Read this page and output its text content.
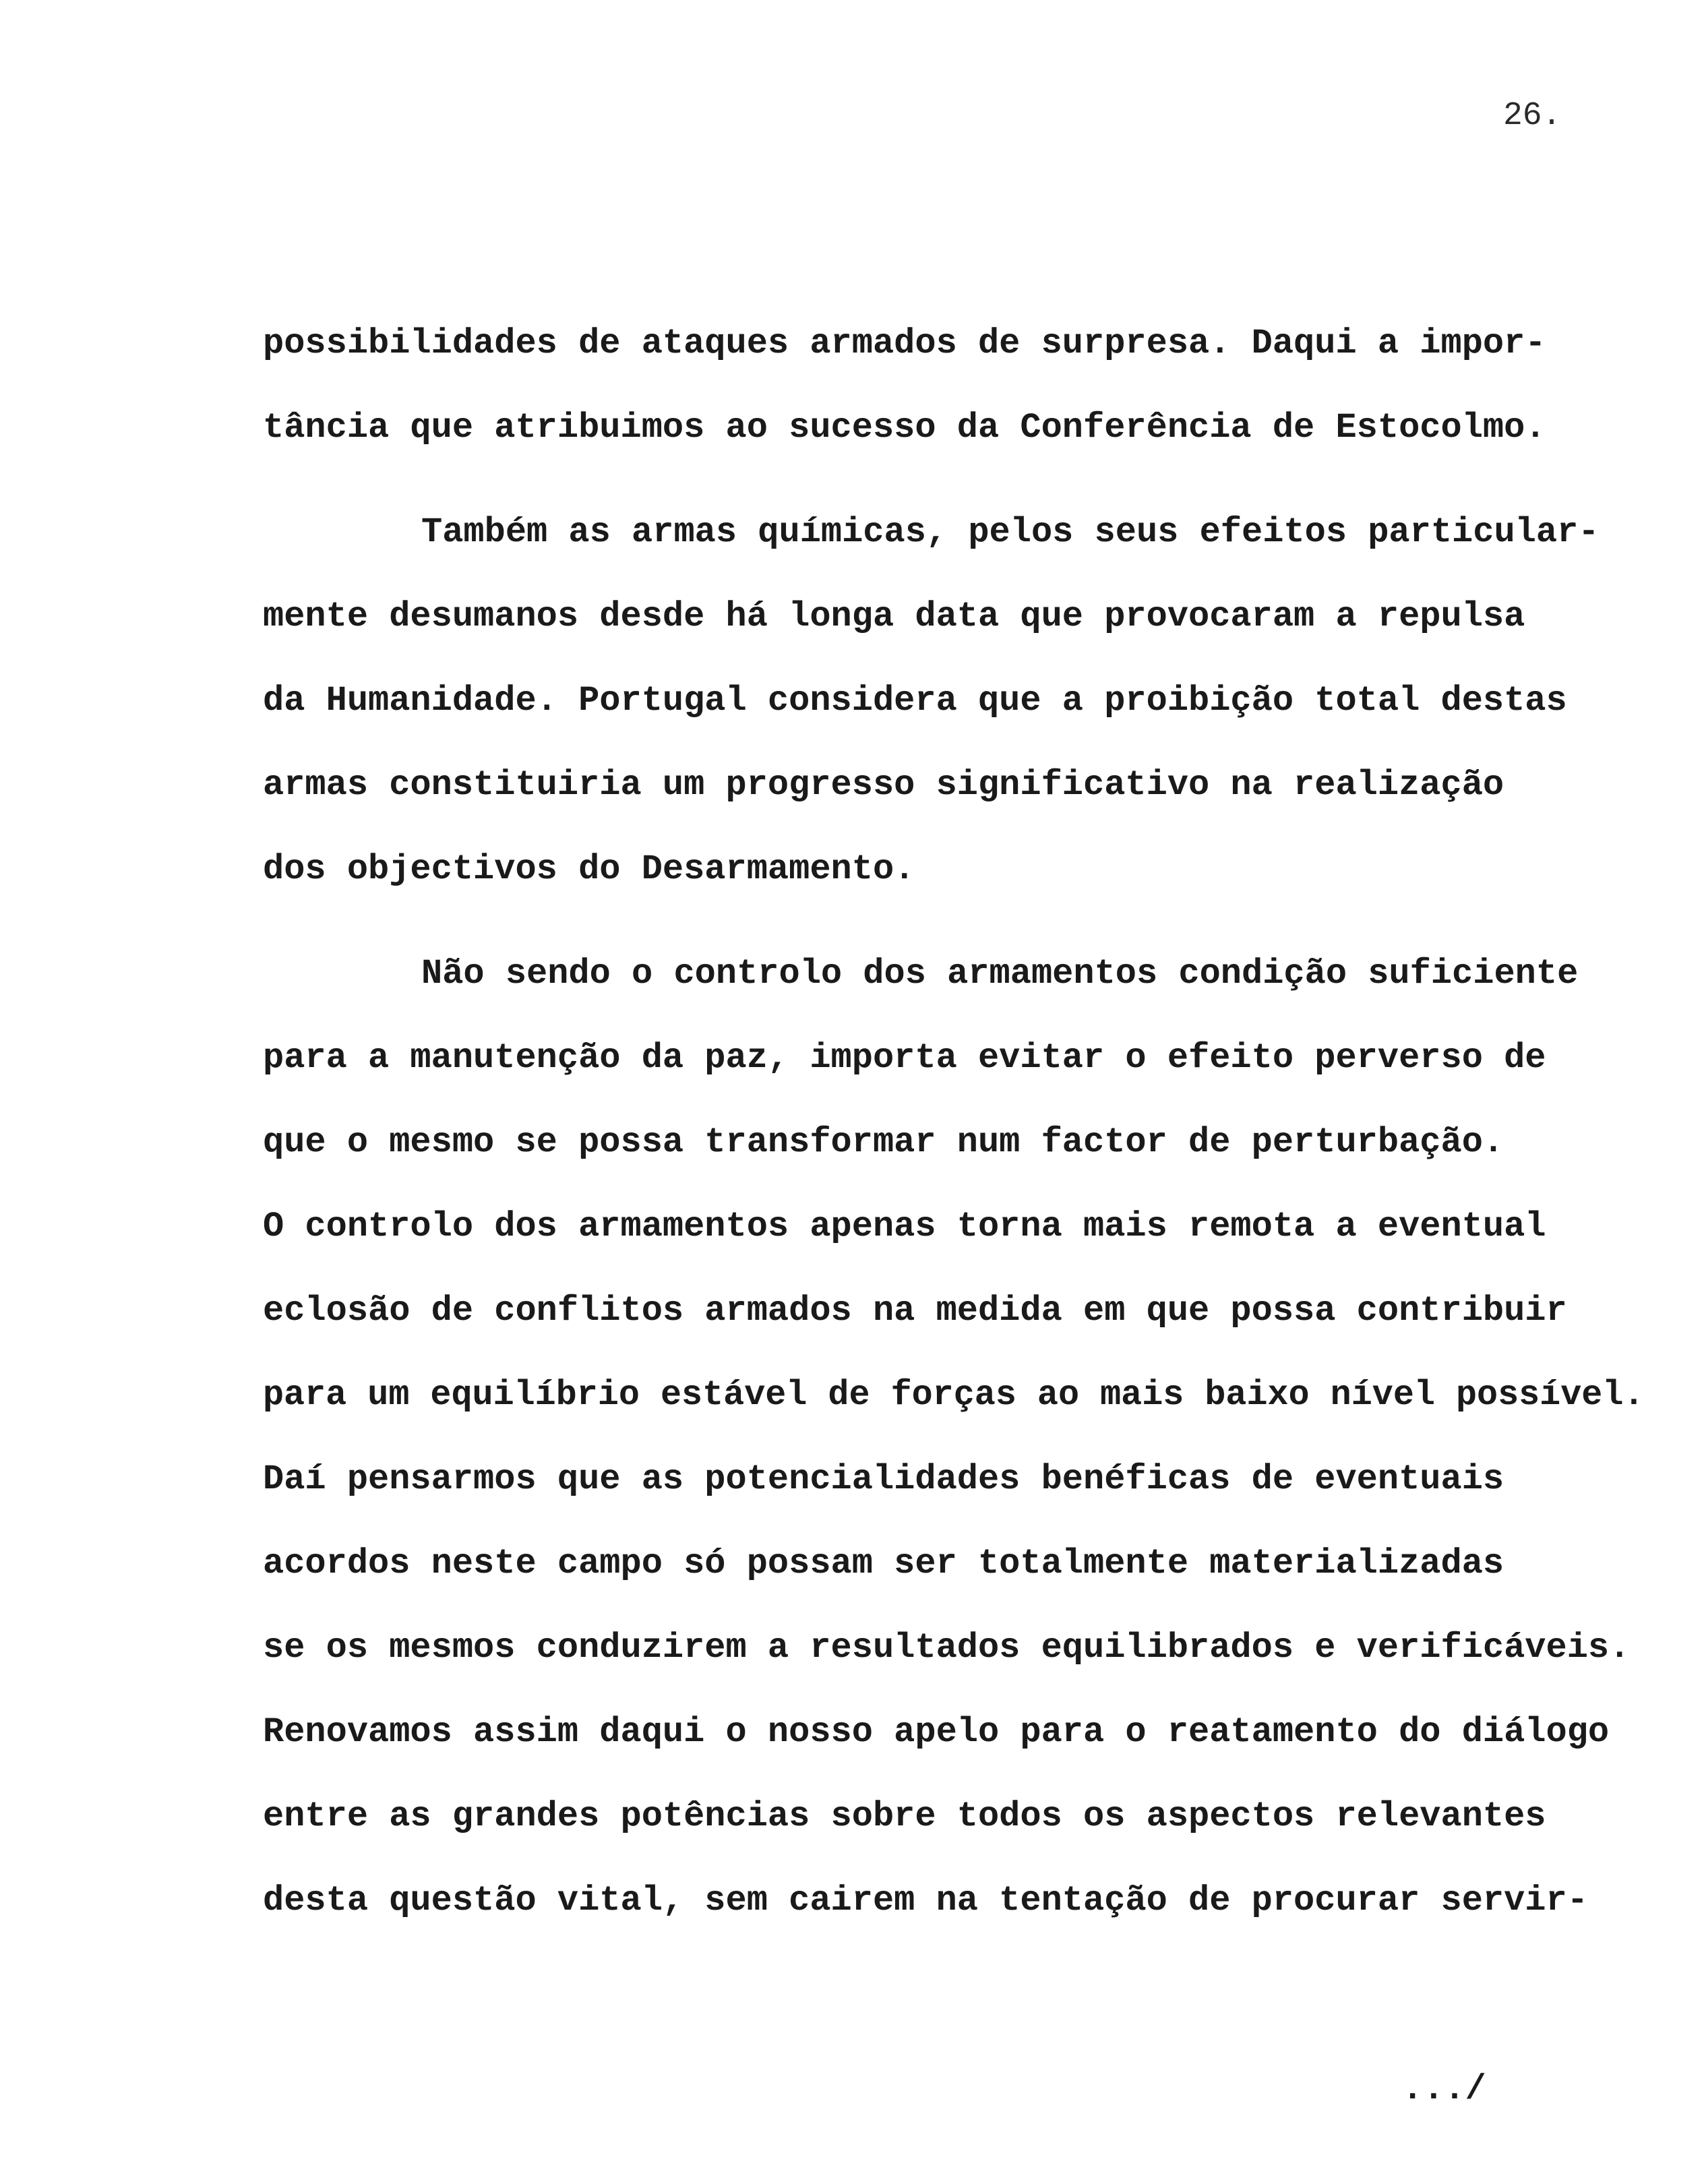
26.
possibilidades de ataques armados de surpresa. Daqui a impor-
tância que atribuimos ao sucesso da Conferência de Estocolmo.
Também as armas químicas, pelos seus efeitos particular-
mente desumanos desde há longa data que provocaram a repulsa
da Humanidade. Portugal considera que a proibição total destas
armas constituiria um progresso significativo na realização
dos objectivos do Desarmamento.
Não sendo o controlo dos armamentos condição suficiente
para a manutenção da paz, importa evitar o efeito perverso de
que o mesmo se possa transformar num factor de perturbação.
O controlo dos armamentos apenas torna mais remota a eventual
eclosão de conflitos armados na medida em que possa contribuir
para um equilíbrio estável de forças ao mais baixo nível possível.
Daí pensarmos que as potencialidades benéficas de eventuais
acordos neste campo só possam ser totalmente materializadas
se os mesmos conduzirem a resultados equilibrados e verificáveis.
Renovamos assim daqui o nosso apelo para o reatamento do diálogo
entre as grandes potências sobre todos os aspectos relevantes
desta questão vital, sem cairem na tentação de procurar servir-
.../
